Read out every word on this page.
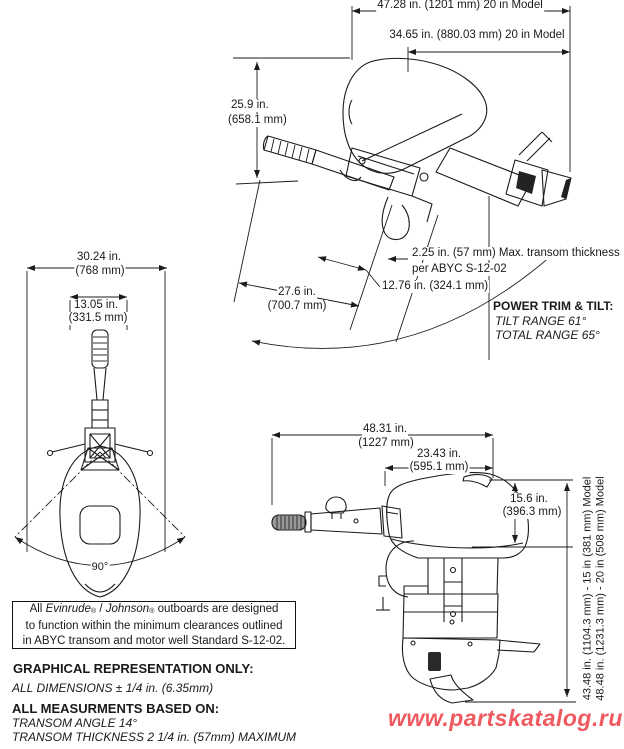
47.28 in. (1201 mm) 20 in Model
34.65 in. (880.03 mm) 20 in Model
25.9 in.
(658.1 mm)
2.25 in. (57 mm) Max. transom thickness
per ABYC S-12-02
12.76 in. (324.1 mm)
27.6 in.
(700.7 mm)	POWER TRIM & TILT:
TILT RANGE 61°
TOTAL RANGE 65°
30.24 in.
(768 mm)
13.05 in.
(331.5 mm)
90°
48.31 in.
(1227 mm)
23.43 in.
(595.1 mm)
15.6 in.
(396.3 mm) 43.48 in. (1104.3 mm) - 15 in (381 mm) Model 48.48 in. (1231.3 mm) - 20 in (508 mm) Model
All Evinrude® / Johnson® outboards are designed
to function within the minimum clearances outlined
in ABYC transom and motor well Standard S-12-02.
GRAPHICAL REPRESENTATION ONLY:
ALL DIMENSIONS ± 1/4 in. (6.35mm)
ALL MEASURMENTS BASED ON:
TRANSOM ANGLE 14°
TRANSOM THICKNESS 2 1/4 in. (57mm) MAXIMUM
www.partskatalog.ru
